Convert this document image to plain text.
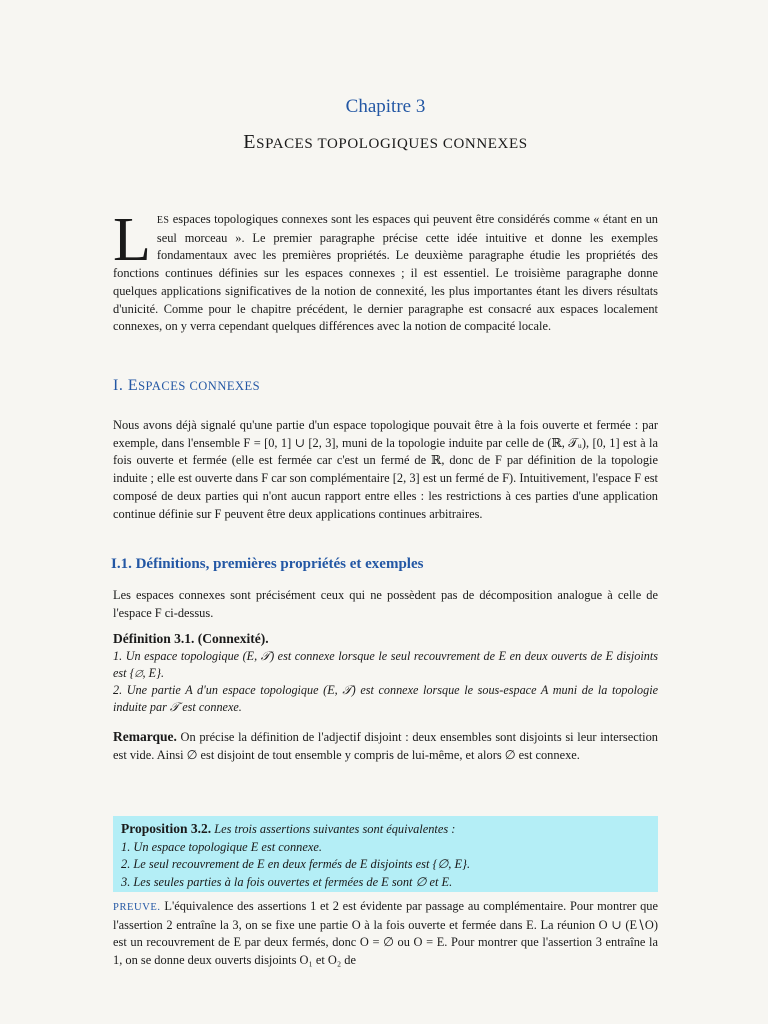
Chapitre 3
ESPACES TOPOLOGIQUES CONNEXES

LES espaces topologiques connexes sont les espaces qui peuvent être considérés comme « étant en un seul morceau ». Le premier paragraphe précise cette idée intuitive et donne les exemples fondamentaux avec les premières propriétés. Le deuxième paragraphe étudie les propriétés des fonctions continues définies sur les espaces connexes ; il est essentiel. Le troisième paragraphe donne quelques applications significatives de la notion de connexité, les plus importantes étant les divers résultats d'unicité. Comme pour le chapitre précédent, le dernier paragraphe est consacré aux espaces localement connexes, on y verra cependant quelques différences avec la notion de compacité locale.

I. ESPACES CONNEXES

Nous avons déjà signalé qu'une partie d'un espace topologique pouvait être à la fois ouverte et fermée : par exemple, dans l'ensemble F = [0, 1] ∪ [2, 3], muni de la topologie induite par celle de (ℝ, 𝒯ᵤ), [0, 1] est à la fois ouverte et fermée (elle est fermée car c'est un fermé de ℝ, donc de F par définition de la topologie induite ; elle est ouverte dans F car son complémentaire [2, 3] est un fermé de F). Intuitivement, l'espace F est composé de deux parties qui n'ont aucun rapport entre elles : les restrictions à ces parties d'une application continue définie sur F peuvent être deux applications continues arbitraires.

I.1. Définitions, premières propriétés et exemples

Les espaces connexes sont précisément ceux qui ne possèdent pas de décomposition analogue à celle de l'espace F ci-dessus.

Définition 3.1. (Connexité).
1. Un espace topologique (E, 𝒯) est connexe lorsque le seul recouvrement de E en deux ouverts de E disjoints est {∅, E}.
2. Une partie A d'un espace topologique (E, 𝒯) est connexe lorsque le sous-espace A muni de la topologie induite par 𝒯 est connexe.

Remarque. On précise la définition de l'adjectif disjoint : deux ensembles sont disjoints si leur intersection est vide. Ainsi ∅ est disjoint de tout ensemble y compris de lui-même, et alors ∅ est connexe.

Proposition 3.2. Les trois assertions suivantes sont équivalentes :
1. Un espace topologique E est connexe.
2. Le seul recouvrement de E en deux fermés de E disjoints est {∅, E}.
3. Les seules parties à la fois ouvertes et fermées de E sont ∅ et E.

PREUVE. L'équivalence des assertions 1 et 2 est évidente par passage au complémentaire. Pour montrer que l'assertion 2 entraîne la 3, on se fixe une partie O à la fois ouverte et fermée dans E. La réunion O ∪ (E∖O) est un recouvrement de E par deux fermés, donc O = ∅ ou O = E. Pour montrer que l'assertion 3 entraîne la 1, on se donne deux ouverts disjoints O₁ et O₂ de
